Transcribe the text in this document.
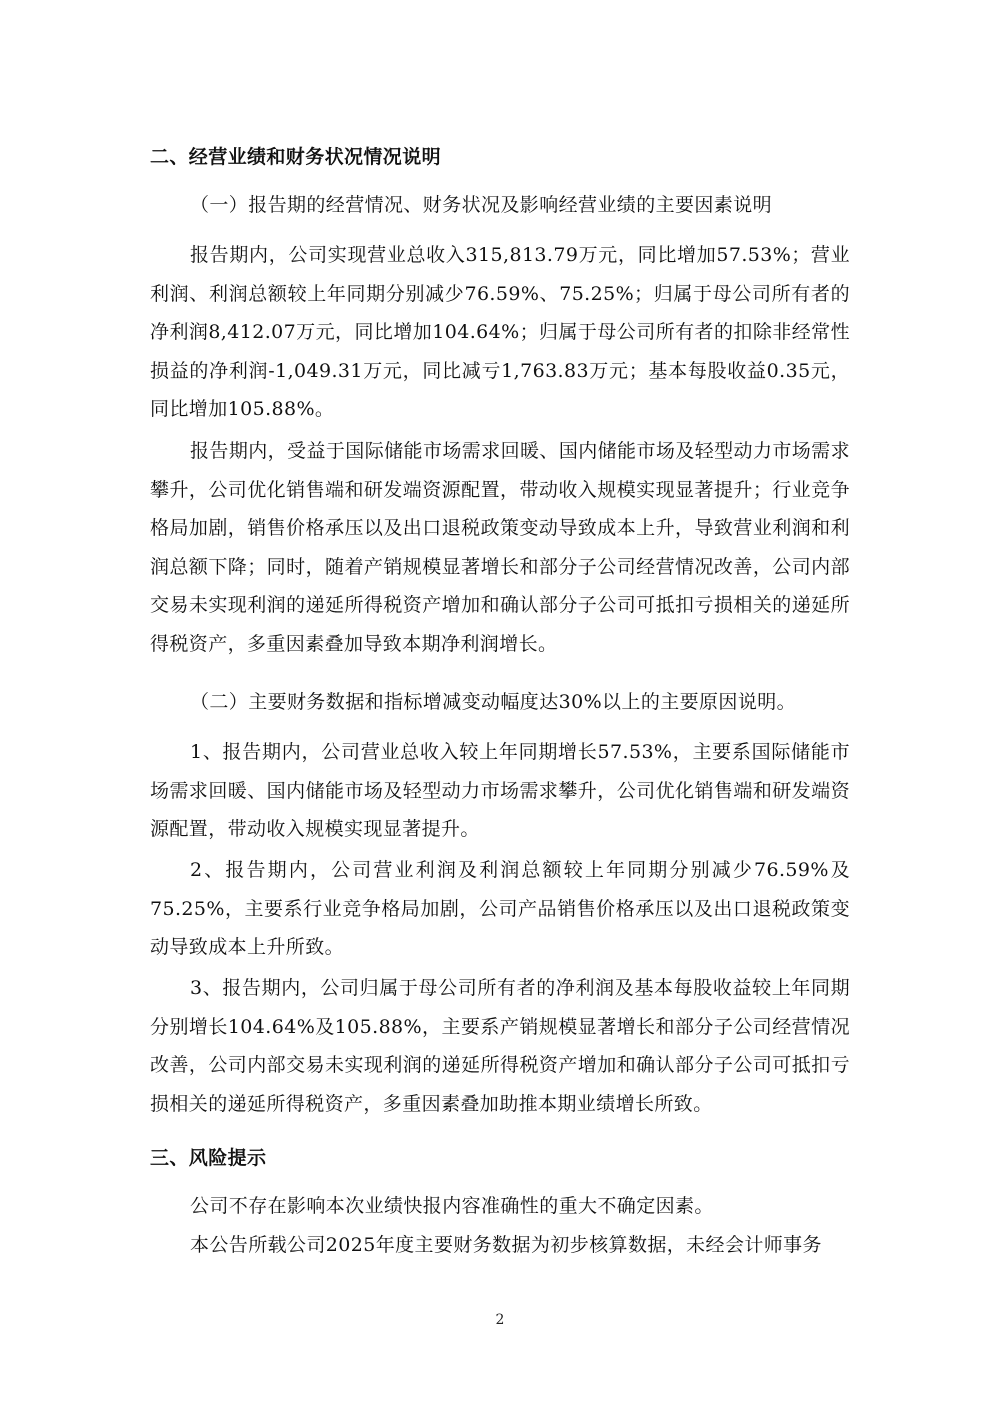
二、经营业绩和财务状况情况说明

（一）报告期的经营情况、财务状况及影响经营业绩的主要因素说明

报告期内，公司实现营业总收入315,813.79万元，同比增加57.53%；营业利润、利润总额较上年同期分别减少76.59%、75.25%；归属于母公司所有者的净利润8,412.07万元，同比增加104.64%；归属于母公司所有者的扣除非经常性损益的净利润-1,049.31万元，同比减亏1,763.83万元；基本每股收益0.35元，同比增加105.88%。

报告期内，受益于国际储能市场需求回暖、国内储能市场及轻型动力市场需求攀升，公司优化销售端和研发端资源配置，带动收入规模实现显著提升；行业竞争格局加剧，销售价格承压以及出口退税政策变动导致成本上升，导致营业利润和利润总额下降；同时，随着产销规模显著增长和部分子公司经营情况改善，公司内部交易未实现利润的递延所得税资产增加和确认部分子公司可抵扣亏损相关的递延所得税资产，多重因素叠加导致本期净利润增长。

（二）主要财务数据和指标增减变动幅度达30%以上的主要原因说明。

1、报告期内，公司营业总收入较上年同期增长57.53%，主要系国际储能市场需求回暖、国内储能市场及轻型动力市场需求攀升，公司优化销售端和研发端资源配置，带动收入规模实现显著提升。

2、报告期内，公司营业利润及利润总额较上年同期分别减少76.59%及75.25%，主要系行业竞争格局加剧，公司产品销售价格承压以及出口退税政策变动导致成本上升所致。

3、报告期内，公司归属于母公司所有者的净利润及基本每股收益较上年同期分别增长104.64%及105.88%，主要系产销规模显著增长和部分子公司经营情况改善，公司内部交易未实现利润的递延所得税资产增加和确认部分子公司可抵扣亏损相关的递延所得税资产，多重因素叠加助推本期业绩增长所致。

三、风险提示

公司不存在影响本次业绩快报内容准确性的重大不确定因素。

本公告所载公司2025年度主要财务数据为初步核算数据，未经会计师事务

2
